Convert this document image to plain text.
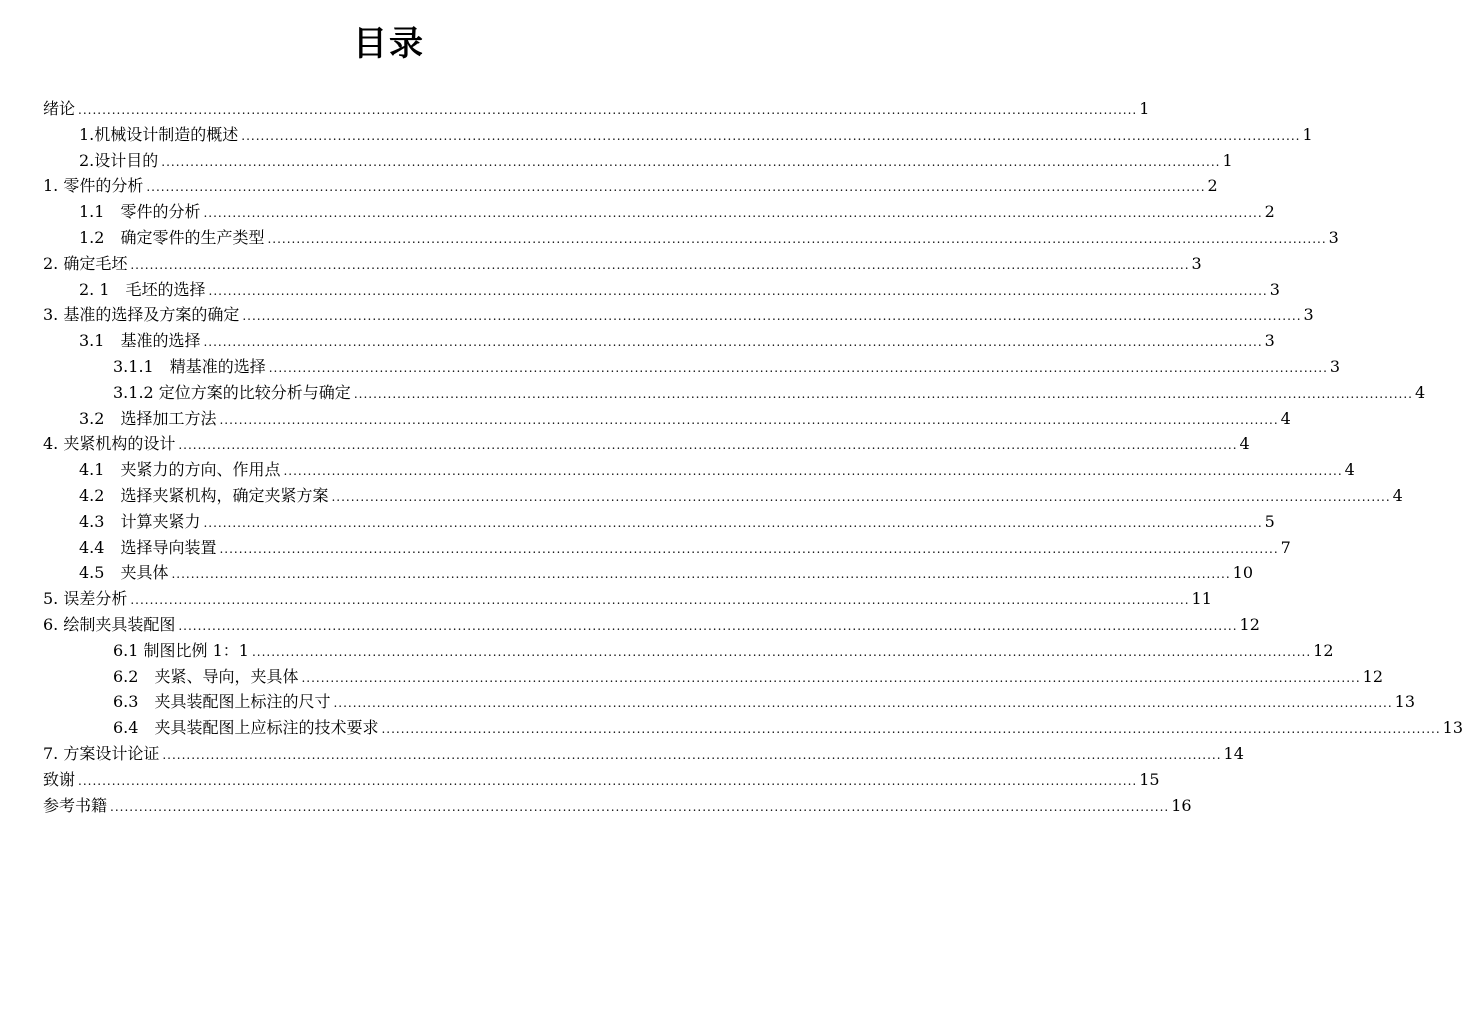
目录
绪论 ............................................................................................................................................................................................................................ 1
1.机械设计制造的概述 ............................................................................................................................................................................................................................ 1
2.设计目的 ............................................................................................................................................................................................................................ 1
1. 零件的分析 ............................................................................................................................................................................................................................ 2
1.1　零件的分析 ............................................................................................................................................................................................................................ 2
1.2　确定零件的生产类型 ............................................................................................................................................................................................................................ 3
2. 确定毛坯 ............................................................................................................................................................................................................................ 3
2. 1　毛坯的选择 ............................................................................................................................................................................................................................ 3
3. 基准的选择及方案的确定 ............................................................................................................................................................................................................................ 3
3.1　基准的选择 ............................................................................................................................................................................................................................ 3
3.1.1　精基准的选择 ............................................................................................................................................................................................................................ 3
3.1.2 定位方案的比较分析与确定 ............................................................................................................................................................................................................................ 4
3.2　选择加工方法 ............................................................................................................................................................................................................................ 4
4. 夹紧机构的设计 ............................................................................................................................................................................................................................ 4
4.1　夹紧力的方向、作用点 ............................................................................................................................................................................................................................ 4
4.2　选择夹紧机构，确定夹紧方案 ............................................................................................................................................................................................................................ 4
4.3　计算夹紧力 ............................................................................................................................................................................................................................ 5
4.4　选择导向装置 ............................................................................................................................................................................................................................ 7
4.5　夹具体 ............................................................................................................................................................................................................................ 10
5. 误差分析 ............................................................................................................................................................................................................................ 11
6. 绘制夹具装配图 ............................................................................................................................................................................................................................ 12
6.1 制图比例 1：1 ............................................................................................................................................................................................................................ 12
6.2　夹紧、导向，夹具体 ............................................................................................................................................................................................................................ 12
6.3　夹具装配图上标注的尺寸 ............................................................................................................................................................................................................................ 13
6.4　夹具装配图上应标注的技术要求 ............................................................................................................................................................................................................................ 13
7. 方案设计论证 ............................................................................................................................................................................................................................ 14
致谢 ............................................................................................................................................................................................................................ 15
参考书籍 ............................................................................................................................................................................................................................ 16
